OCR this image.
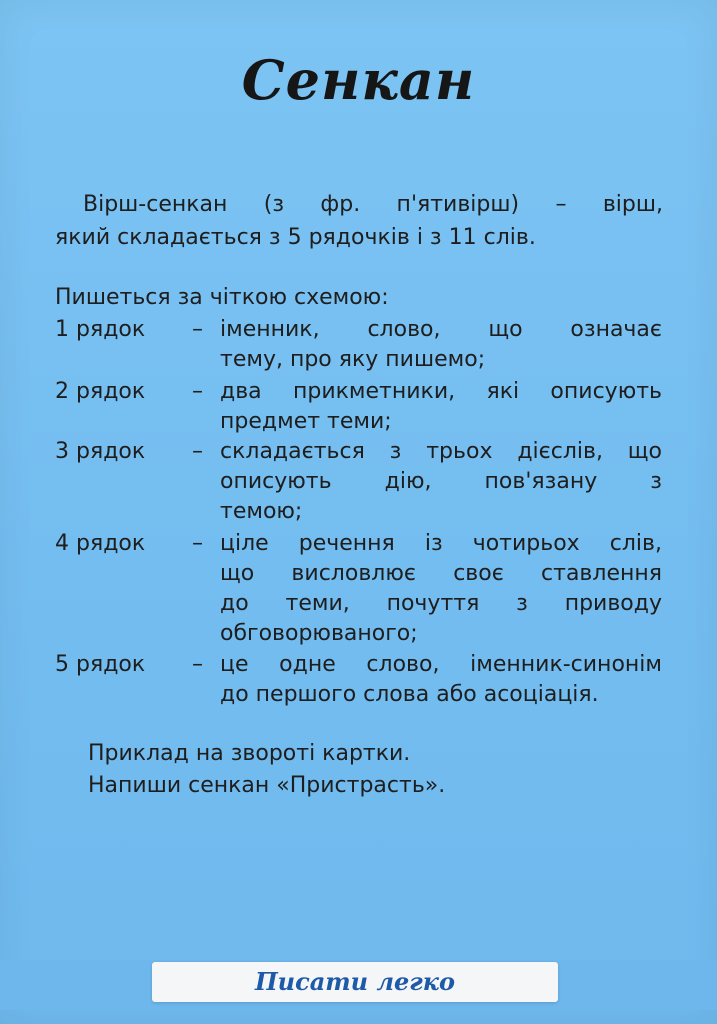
Сенкан
Вірш-сенкан (з фр. п'ятивірш) – вірш,
який складається з 5 рядочків і з 11 слів.
Пишеться за чіткою схемою:
1 рядок – іменник, слово, що означає
тему, про яку пишемо;
2 рядок – два прикметники, які описують
предмет теми;
3 рядок – складається з трьох дієслів, що
описують дію, пов'язану з
темою;
4 рядок – ціле речення із чотирьох слів,
що висловлює своє ставлення
до теми, почуття з приводу
обговорюваного;
5 рядок – це одне слово, іменник-синонім
до першого слова або асоціація.
Приклад на звороті картки.
Напиши сенкан «Пристрасть».
Писати легко
